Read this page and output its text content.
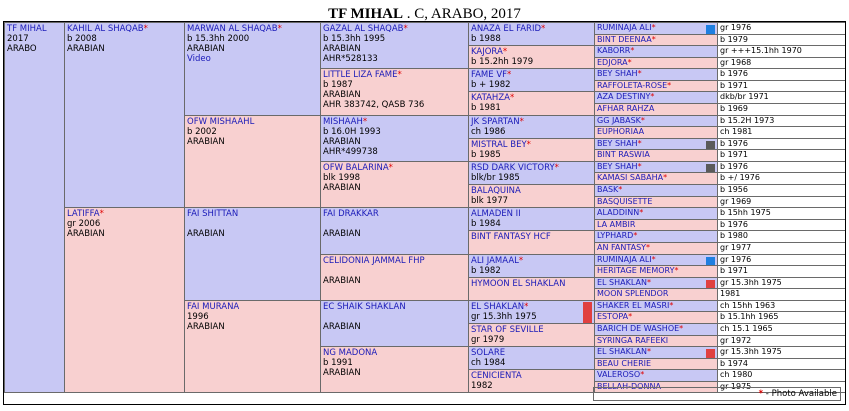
TF MIHAL . C, ARABO, 2017
TF MIHAL
2017
ARABO
KAHIL AL SHAQAB*
b 2008
ARABIAN
LATIFFA*
gr 2006
ARABIAN
MARWAN AL SHAQAB*
b 15.3hh 2000
ARABIAN
Video
OFW MISHAAHL
b 2002
ARABIAN
FAI SHITTAN

ARABIAN
FAI MURANA
1996
ARABIAN
GAZAL AL SHAQAB*
b 15.3hh 1995
ARABIAN
AHR*528133
LITTLE LIZA FAME*
b 1987
ARABIAN
AHR 383742, QASB 736
MISHAAH*
b 16.0H 1993
ARABIAN
AHR*499738
OFW BALARINA*
blk 1998
ARABIAN
FAI DRAKKAR

ARABIAN
CELIDONIA JAMMAL FHP

ARABIAN
EC SHAIK SHAKLAN

ARABIAN
NG MADONA
b 1991
ARABIAN
ANAZA EL FARID*
b 1988
KAJORA*
b 15.2hh 1979
FAME VF*
b + 1982
KATAHZA*
b 1981
JK SPARTAN*
ch 1986
MISTRAL BEY*
b 1985
RSD DARK VICTORY*
blk/br 1985
BALAQUINA
blk 1977
ALMADEN II
b 1984
BINT FANTASY HCF
ALI JAMAAL*
b 1982
HYMOON EL SHAKLAN
EL SHAKLAN*
gr 15.3hh 1975
STAR OF SEVILLE
gr 1979
SOLARE
ch 1984
CENICIENTA
1982
RUMINAJA ALI*
BINT DEENAA*
KABORR*
EDJORA*
BEY SHAH*
RAFFOLETA-ROSE*
AZA DESTINY*
AFHAR RAHZA
GG JABASK*
EUPHORIAA
BEY SHAH*
BINT RASWIA
BEY SHAH*
KAMASI SABAHA*
BASK*
BASQUISETTE
ALADDINN*
LA AMBIR
LYPHARD*
AN FANTASY*
RUMINAJA ALI*
HERITAGE MEMORY*
EL SHAKLAN*
MOON SPLENDOR
SHAKER EL MASRI*
ESTOPA*
BARICH DE WASHOE*
SYRINGA RAFEEKI
EL SHAKLAN*
BEAU CHERIE
VALEROSO*
BELLAH-DONNA
gr 1976
b 1979
gr +++15.1hh 1970
gr 1968
b 1976
b 1971
dkb/br 1971
b 1969
b 15.2H 1973
ch 1981
b 1976
b 1971
b 1976
b +/ 1976
b 1956
gr 1969
b 15hh 1975
b 1976
b 1980
gr 1977
gr 1976
b 1971
gr 15.3hh 1975
1981
ch 15hh 1963
b 15.1hh 1965
ch 15.1 1965
gr 1972
gr 15.3hh 1975
b 1974
ch 1980
gr 1975
* - Photo Available
